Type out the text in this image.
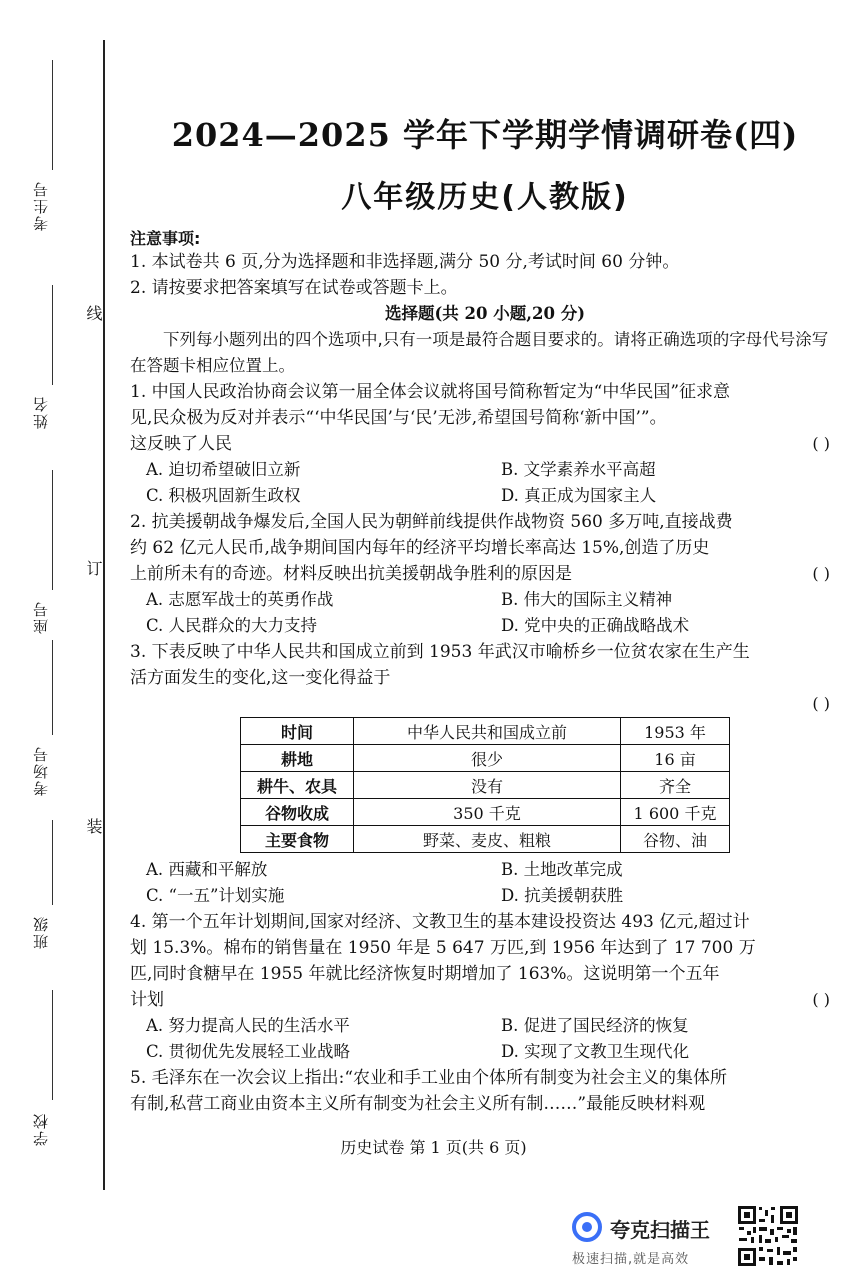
考生号
姓名
座号
考场号
班级
学校
线
订
装
2024—2025 学年下学期学情调研卷(四)
八年级历史(人教版)
注意事项:
1. 本试卷共 6 页,分为选择题和非选择题,满分 50 分,考试时间 60 分钟。
2. 请按要求把答案填写在试卷或答题卡上。
选择题(共 20 小题,20 分)
下列每小题列出的四个选项中,只有一项是最符合题目要求的。请将正确选项的字母代号涂写在答题卡相应位置上。
1. 中国人民政治协商会议第一届全体会议就将国号简称暂定为“中华民国”征求意
见,民众极为反对并表示“‘中华民国’与‘民’无涉,希望国号简称‘新中国’”。
( )
这反映了人民
A. 迫切希望破旧立新	B. 文学素养水平高超
C. 积极巩固新生政权	D. 真正成为国家主人
2. 抗美援朝战争爆发后,全国人民为朝鲜前线提供作战物资 560 多万吨,直接战费
约 62 亿元人民币,战争期间国内每年的经济平均增长率高达 15%,创造了历史
( )
上前所未有的奇迹。材料反映出抗美援朝战争胜利的原因是
A. 志愿军战士的英勇作战	B. 伟大的国际主义精神
C. 人民群众的大力支持	D. 党中央的正确战略战术
3. 下表反映了中华人民共和国成立前到 1953 年武汉市喻桥乡一位贫农家在生产生
活方面发生的变化,这一变化得益于
( )
时间	中华人民共和国成立前	1953 年
耕地	很少	16 亩
耕牛、农具	没有	齐全
谷物收成	350 千克	1 600 千克
主要食物	野菜、麦皮、粗粮	谷物、油
A. 西藏和平解放	B. 土地改革完成
C. “一五”计划实施	D. 抗美援朝获胜
4. 第一个五年计划期间,国家对经济、文教卫生的基本建设投资达 493 亿元,超过计
划 15.3%。棉布的销售量在 1950 年是 5 647 万匹,到 1956 年达到了 17 700 万
匹,同时食糖早在 1955 年就比经济恢复时期增加了 163%。这说明第一个五年
( )
计划
A. 努力提高人民的生活水平	B. 促进了国民经济的恢复
C. 贯彻优先发展轻工业战略	D. 实现了文教卫生现代化
5. 毛泽东在一次会议上指出:“农业和手工业由个体所有制变为社会主义的集体所
有制,私营工商业由资本主义所有制变为社会主义所有制……”最能反映材料观
历史试卷 第 1 页(共 6 页)
夸克扫描王
极速扫描,就是高效
